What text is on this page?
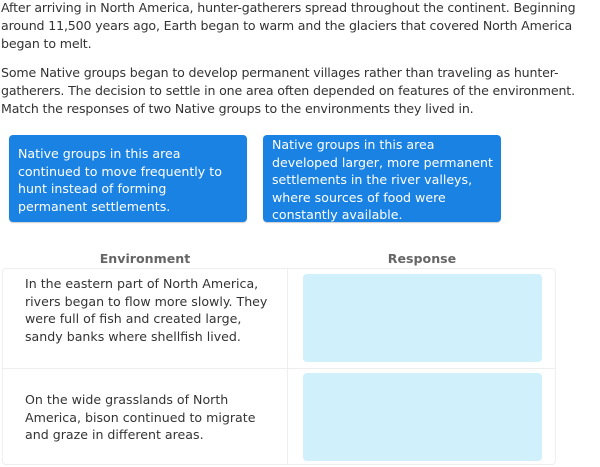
After arriving in North America, hunter-gatherers spread throughout the continent. Beginning around 11,500 years ago, Earth began to warm and the glaciers that covered North America began to melt.

Some Native groups began to develop permanent villages rather than traveling as hunter-gatherers. The decision to settle in one area often depended on features of the environment. Match the responses of two Native groups to the environments they lived in.

Native groups in this area continued to move frequently to hunt instead of forming permanent settlements.
Native groups in this area developed larger, more permanent settlements in the river valleys, where sources of food were constantly available.
Environment	Response
In the eastern part of North America, rivers began to flow more slowly. They were full of fish and created large, sandy banks where shellfish lived.
On the wide grasslands of North America, bison continued to migrate and graze in different areas.
